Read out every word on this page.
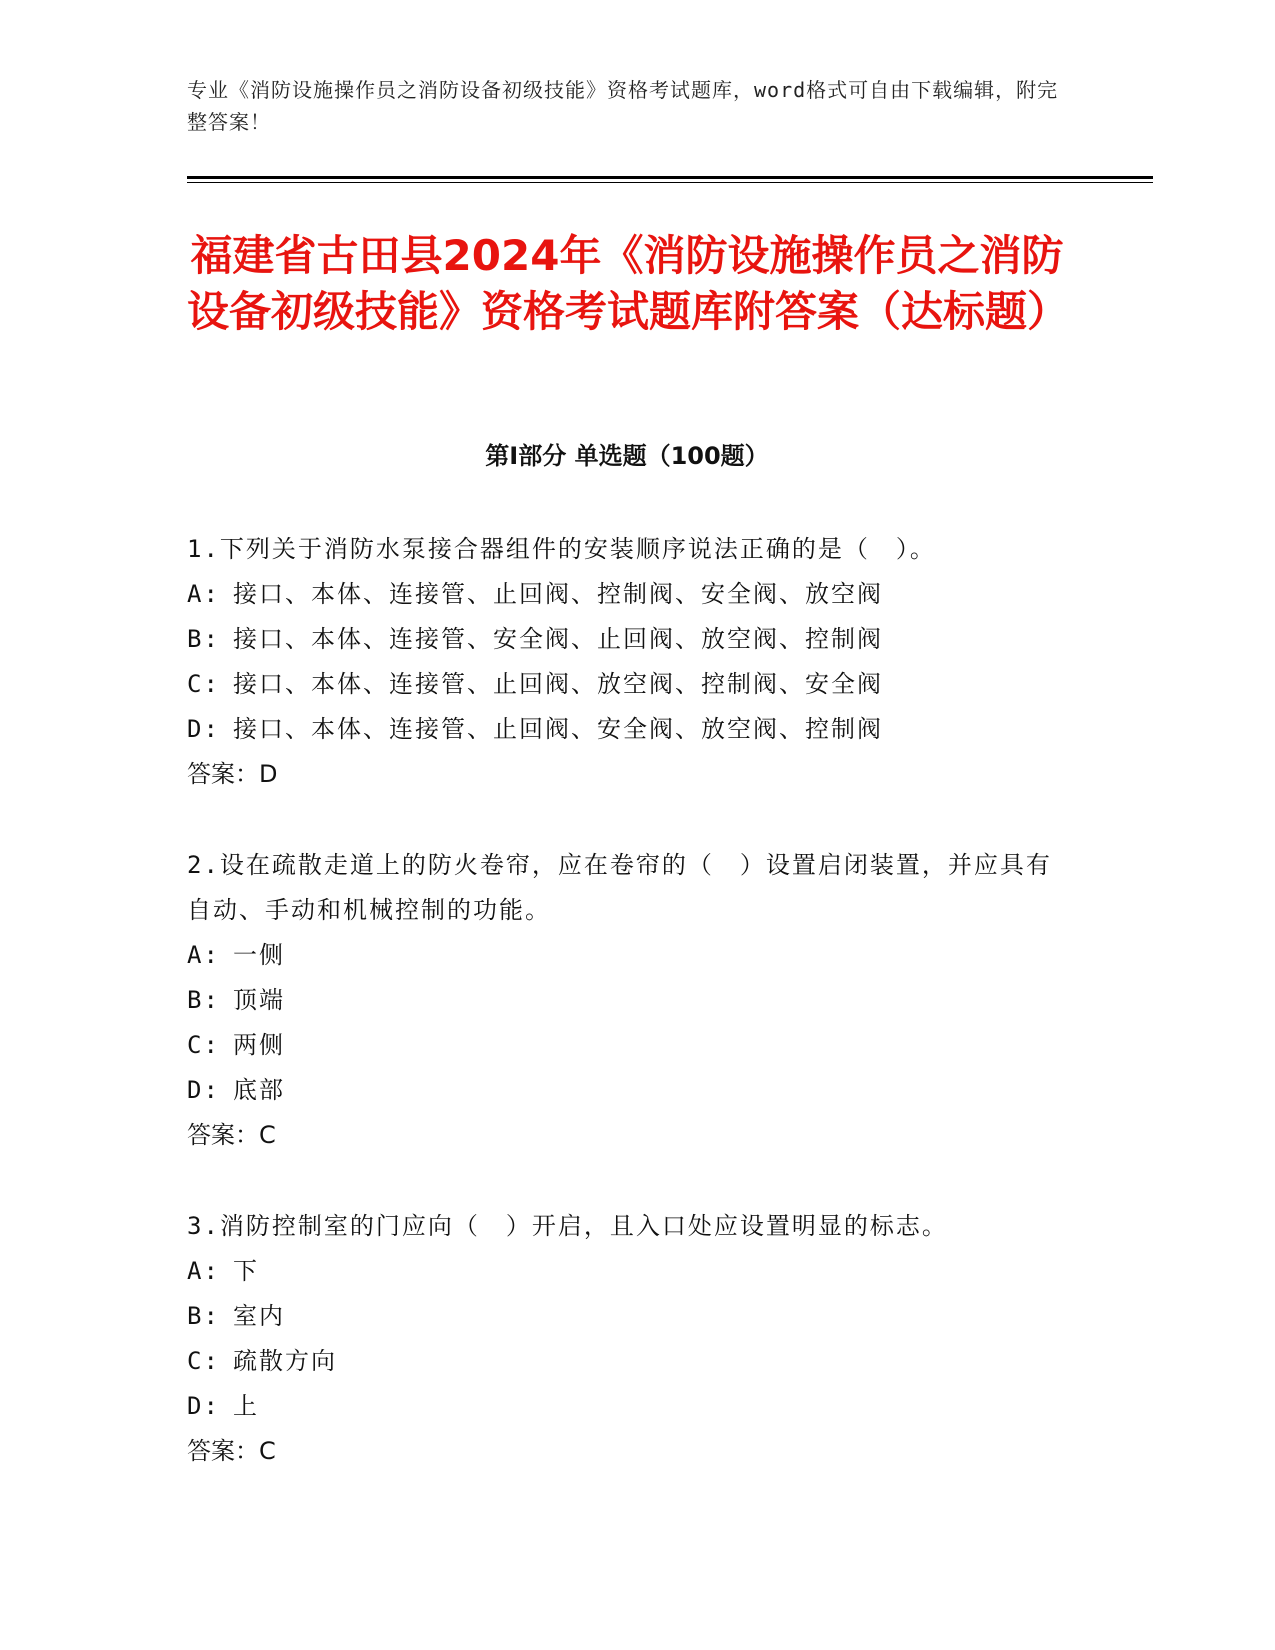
专业《消防设施操作员之消防设备初级技能》资格考试题库，word格式可自由下载编辑，附完整答案！
福建省古田县2024年《消防设施操作员之消防设备初级技能》资格考试题库附答案（达标题）
第Ⅰ部分 单选题（100题）
1.下列关于消防水泵接合器组件的安装顺序说法正确的是（　）。
A: 接口、本体、连接管、止回阀、控制阀、安全阀、放空阀
B: 接口、本体、连接管、安全阀、止回阀、放空阀、控制阀
C: 接口、本体、连接管、止回阀、放空阀、控制阀、安全阀
D: 接口、本体、连接管、止回阀、安全阀、放空阀、控制阀
答案：D
2.设在疏散走道上的防火卷帘，应在卷帘的（　）设置启闭装置，并应具有自动、手动和机械控制的功能。
A: 一侧
B: 顶端
C: 两侧
D: 底部
答案：C
3.消防控制室的门应向（　）开启，且入口处应设置明显的标志。
A: 下
B: 室内
C: 疏散方向
D: 上
答案：C
